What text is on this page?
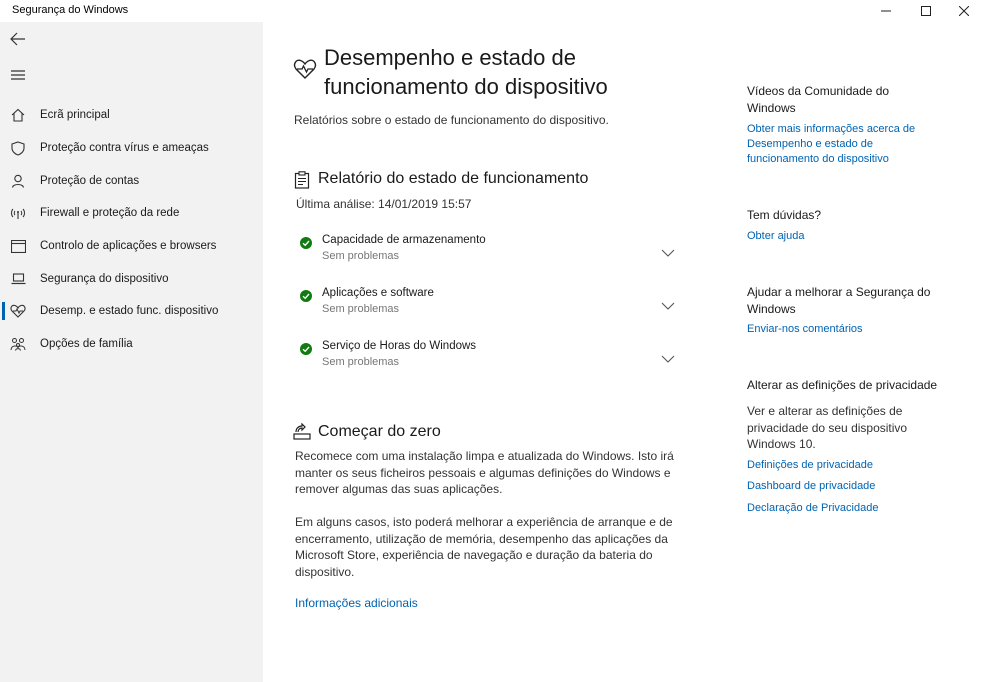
Segurança do Windows
Ecrã principal
Proteção contra vírus e ameaças
Proteção de contas
Firewall e proteção da rede
Controlo de aplicações e browsers
Segurança do dispositivo
Desemp. e estado func. dispositivo
Opções de família
Desempenho e estado de funcionamento do dispositivo
Relatórios sobre o estado de funcionamento do dispositivo.
Relatório do estado de funcionamento
Última análise: 14/01/2019 15:57
Capacidade de armazenamento
Sem problemas
Aplicações e software
Sem problemas
Serviço de Horas do Windows
Sem problemas
Começar do zero

Recomece com uma instalação limpa e atualizada do Windows. Isto irá manter os seus ficheiros pessoais e algumas definições do Windows e remover algumas das suas aplicações.

Em alguns casos, isto poderá melhorar a experiência de arranque e de encerramento, utilização de memória, desempenho das aplicações da Microsoft Store, experiência de navegação e duração da bateria do dispositivo.

Informações adicionais
Vídeos da Comunidade do Windows
Obter mais informações acerca de Desempenho e estado de funcionamento do dispositivo
Tem dúvidas?
Obter ajuda
Ajudar a melhorar a Segurança do Windows
Enviar-nos comentários
Alterar as definições de privacidade

Ver e alterar as definições de privacidade do seu dispositivo Windows 10.

Definições de privacidade
Dashboard de privacidade
Declaração de Privacidade
